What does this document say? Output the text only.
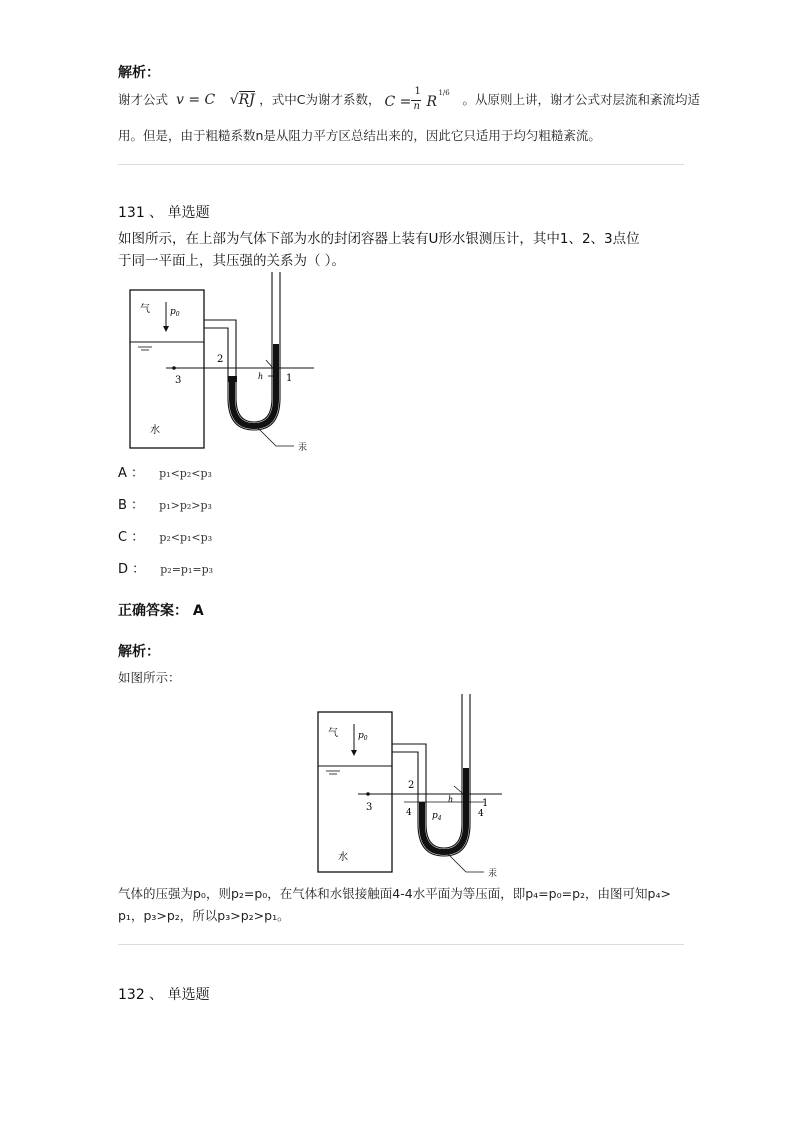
解析：
谢才公式 v = C √RJ ，式中C为谢才系数， C =
1
n R
1/6 。从原则上讲，谢才公式对层流和紊流均适
用。但是，由于粗糙系数n是从阻力平方区总结出来的，因此它只适用于均匀粗糙紊流。
131 、 单选题
如图所示，在上部为气体下部为水的封闭容器上装有U形水银测压计，其中1、2、3点位
于同一平面上，其压强的关系为（ ）。
气 $p_0$
2
3	h 1
水
汞
A ： p₁<p₂<p₃
B ： p₁>p₂>p₃
C ： p₂<p₁<p₃
D ： p₂=p₁=p₃
正确答案： A
解析：
如图所示：
气 $p_0$
2
3	4 $p_4$
h	1
4
水
汞
气体的压强为p₀，则p₂=p₀，在气体和水银接触面4-4水平面为等压面，即p₄=p₀=p₂，由图可知p₄>
p₁，p₃>p₂，所以p₃>p₂>p₁。
132 、 单选题
